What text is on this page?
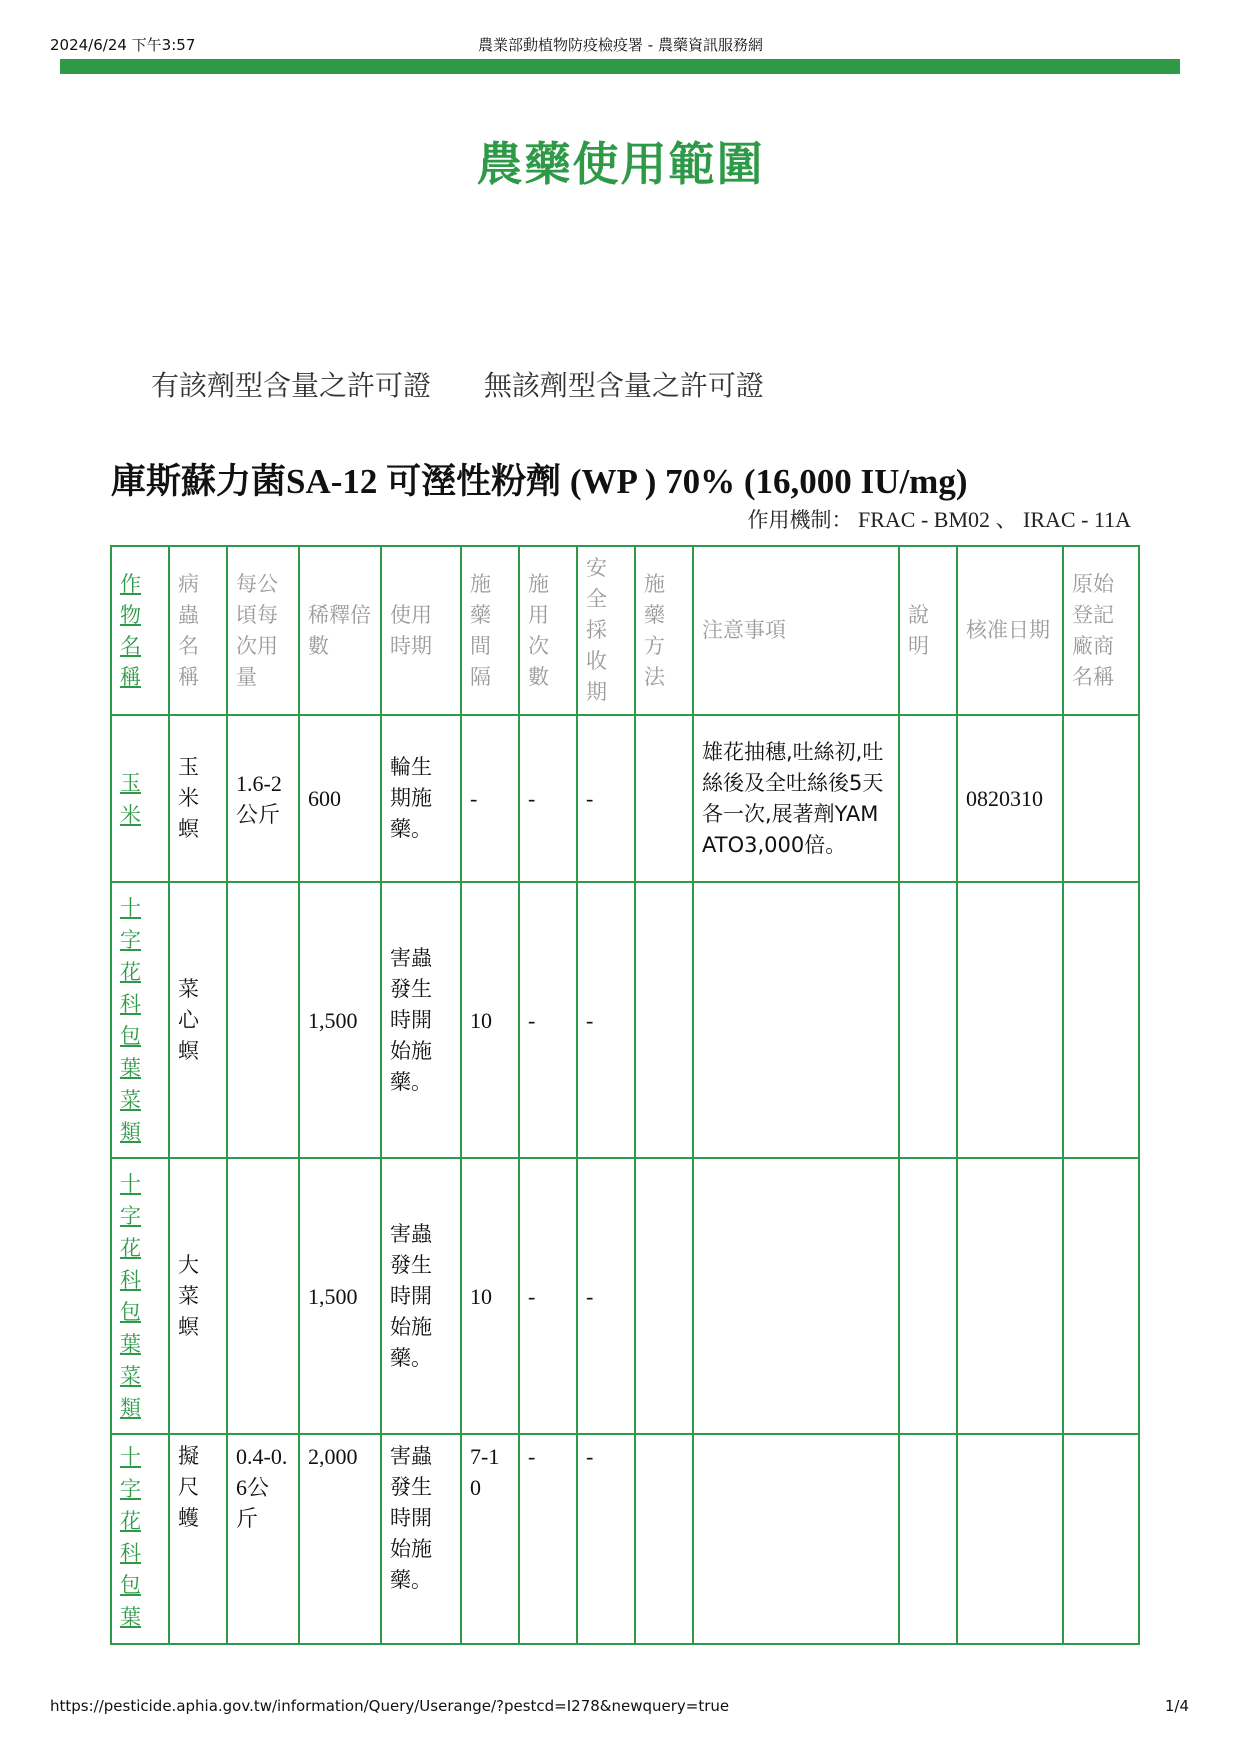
2024/6/24 下午3:57	農業部動植物防疫檢疫署 - 農藥資訊服務網
農藥使用範圍
有該劑型含量之許可證 無該劑型含量之許可證
庫斯蘇力菌SA-12 可溼性粉劑 (WP ) 70% (16,000 IU/mg)
作用機制： FRAC - BM02 、 IRAC - 11A
作物名稱	病蟲名稱	每公頃每次用量	稀釋倍數	使用時期	施藥間隔	施用次數	安全採收期	施藥方法	注意事項	說明	核准日期	原始登記廠商名稱
玉米	玉米螟	1.6-2公斤	600	輪生期施藥。	-	-	-		雄花抽穗,吐絲初,吐絲後及全吐絲後5天各一次,展著劑YAMATO3,000倍。		0820310	
十字花科包葉菜類	菜心螟		1,500	害蟲發生時開始施藥。	10	-	-					
十字花科包葉菜類	大菜螟		1,500	害蟲發生時開始施藥。	10	-	-					
十字花科包葉	擬尺蠖	0.4-0.6公斤	2,000	害蟲發生時開始施藥。	7-10	-	-					
https://pesticide.aphia.gov.tw/information/Query/Userange/?pestcd=I278&newquery=true	1/4
